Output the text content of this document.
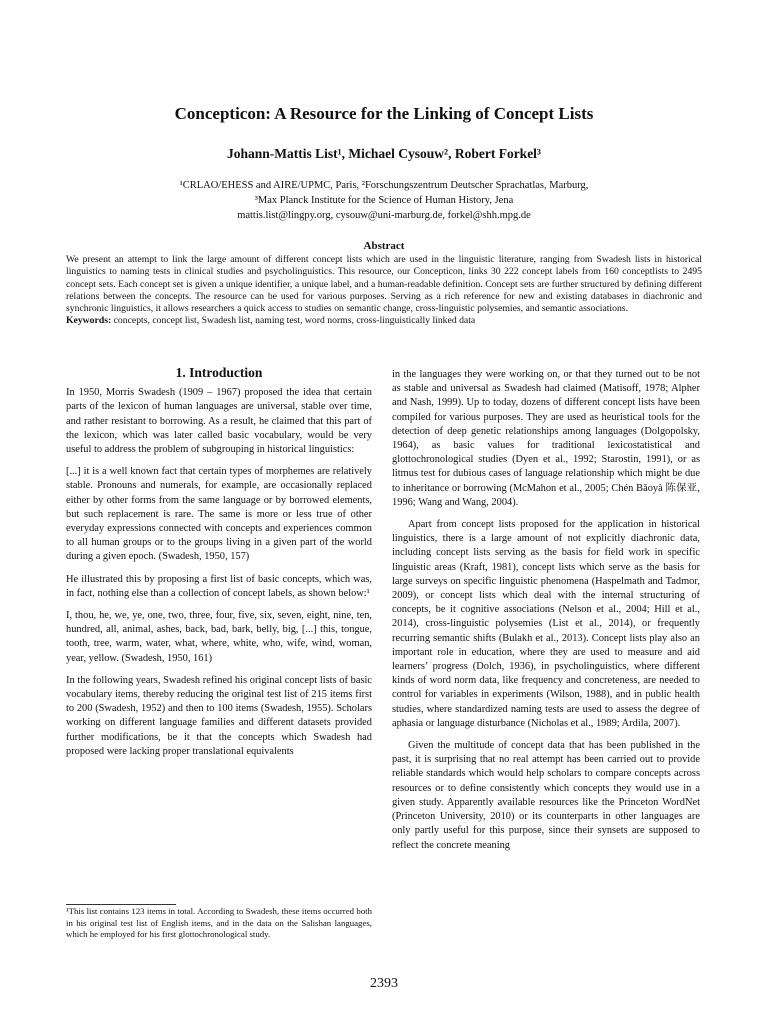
Concepticon: A Resource for the Linking of Concept Lists
Johann-Mattis List¹, Michael Cysouw², Robert Forkel³
¹CRLAO/EHESS and AIRE/UPMC, Paris, ²Forschungszentrum Deutscher Sprachatlas, Marburg,
³Max Planck Institute for the Science of Human History, Jena
mattis.list@lingpy.org, cysouw@uni-marburg.de, forkel@shh.mpg.de
Abstract

We present an attempt to link the large amount of different concept lists which are used in the linguistic literature, ranging from Swadesh lists in historical linguistics to naming tests in clinical studies and psycholinguistics. This resource, our Concepticon, links 30 222 concept labels from 160 conceptlists to 2495 concept sets. Each concept set is given a unique identifier, a unique label, and a human-readable definition. Concept sets are further structured by defining different relations between the concepts. The resource can be used for various purposes. Serving as a rich reference for new and existing databases in diachronic and synchronic linguistics, it allows researchers a quick access to studies on semantic change, cross-linguistic polysemies, and semantic associations.

Keywords: concepts, concept list, Swadesh list, naming test, word norms, cross-linguistically linked data

1. Introduction

In 1950, Morris Swadesh (1909 – 1967) proposed the idea that certain parts of the lexicon of human languages are universal, stable over time, and rather resistant to borrowing. As a result, he claimed that this part of the lexicon, which was later called basic vocabulary, would be very useful to address the problem of subgrouping in historical linguistics:

[...] it is a well known fact that certain types of morphemes are relatively stable. Pronouns and numerals, for example, are occasionally replaced either by other forms from the same language or by borrowed elements, but such replacement is rare. The same is more or less true of other everyday expressions connected with concepts and experiences common to all human groups or to the groups living in a given part of the world during a given epoch. (Swadesh, 1950, 157)

He illustrated this by proposing a first list of basic concepts, which was, in fact, nothing else than a collection of concept labels, as shown below:¹

I, thou, he, we, ye, one, two, three, four, five, six, seven, eight, nine, ten, hundred, all, animal, ashes, back, bad, bark, belly, big, [...] this, tongue, tooth, tree, warm, water, what, where, white, who, wife, wind, woman, year, yellow. (Swadesh, 1950, 161)

In the following years, Swadesh refined his original concept lists of basic vocabulary items, thereby reducing the original test list of 215 items first to 200 (Swadesh, 1952) and then to 100 items (Swadesh, 1955). Scholars working on different language families and different datasets provided further modifications, be it that the concepts which Swadesh had proposed were lacking proper translational equivalents

¹This list contains 123 items in total. According to Swadesh, these items occurred both in his original test list of English items, and in the data on the Salishan languages, which he employed for his first glottochronological study.

in the languages they were working on, or that they turned out to be not as stable and universal as Swadesh had claimed (Matisoff, 1978; Alpher and Nash, 1999). Up to today, dozens of different concept lists have been compiled for various purposes. They are used as heuristical tools for the detection of deep genetic relationships among languages (Dolgopolsky, 1964), as basic values for traditional lexicostatistical and glottochronological studies (Dyen et al., 1992; Starostin, 1991), or as litmus test for dubious cases of language relationship which might be due to inheritance or borrowing (McMahon et al., 2005; Chén Bǎoyà 陈保亚, 1996; Wang and Wang, 2004).

Apart from concept lists proposed for the application in historical linguistics, there is a large amount of not explicitly diachronic data, including concept lists serving as the basis for field work in specific linguistic areas (Kraft, 1981), concept lists which serve as the basis for large surveys on specific linguistic phenomena (Haspelmath and Tadmor, 2009), or concept lists which deal with the internal structuring of concepts, be it cognitive associations (Nelson et al., 2004; Hill et al., 2014), cross-linguistic polysemies (List et al., 2014), or frequently recurring semantic shifts (Bulakh et al., 2013). Concept lists play also an important role in education, where they are used to measure and aid learners’ progress (Dolch, 1936), in psycholinguistics, where different kinds of word norm data, like frequency and concreteness, are needed to control for variables in experiments (Wilson, 1988), and in public health studies, where standardized naming tests are used to assess the degree of aphasia or language disturbance (Nicholas et al., 1989; Ardila, 2007).

Given the multitude of concept data that has been published in the past, it is surprising that no real attempt has been carried out to provide reliable standards which would help scholars to compare concepts across resources or to define consistently which concepts they would use in a given study. Apparently available resources like the Princeton WordNet (Princeton University, 2010) or its counterparts in other languages are only partly useful for this purpose, since their synsets are supposed to reflect the concrete meaning

2393
